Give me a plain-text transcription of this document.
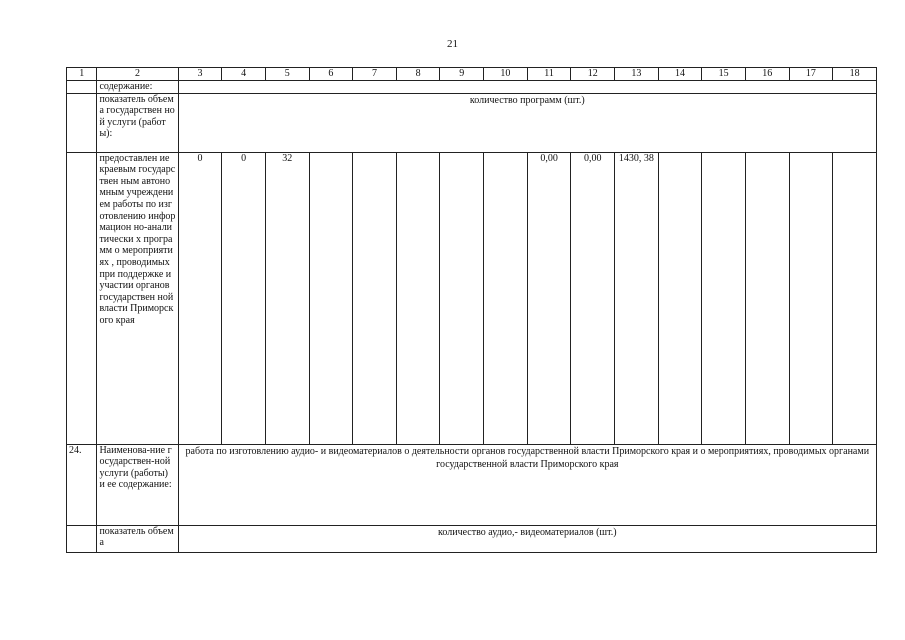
21
1	2	3	4	5	6	7	8	9	10	11	12	13	14	15	16	17	18
	содержание:																
	показатель объема государствен ной услуги (работы):	количество программ (шт.)															
	предоставлен ие краевым государствен ным автономным учреждением работы по изготовлению информацион но-аналитически х программ о мероприятиях , проводимых при поддержке и участии органов государствен ной власти Приморского края	0	0	32						0,00	0,00	1430, 38					
24.	Наименова-ние государствен-ной услуги (работы) и ее содержание:	работа по изготовлению аудио- и видеоматериалов о деятельности органов государственной власти Приморского края и о мероприятиях, проводимых органами государственной власти Приморского края															
	показатель объема	количество аудио,- видеоматериалов (шт.)															
